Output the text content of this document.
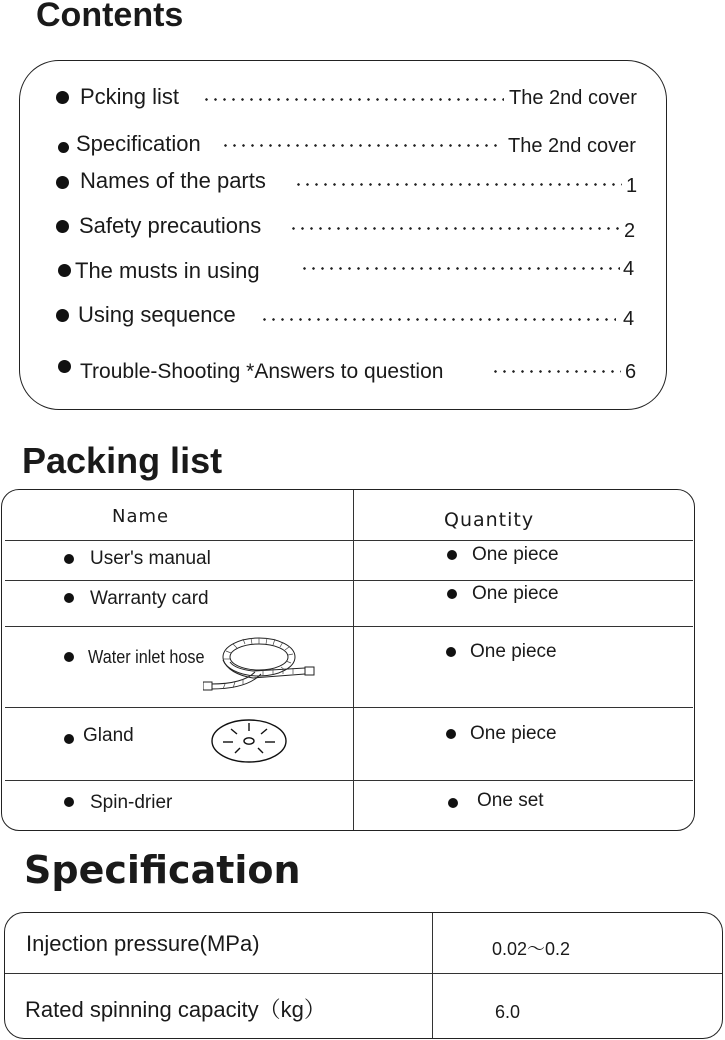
Contents
Pcking list	The 2nd cover
Specification	The 2nd cover
Names of the parts	1
Safety precautions	2
The musts in using	4
Using sequence	4
Trouble-Shooting *Answers to question	6
Packing list
Name	Quantity
User's manual	One piece
Warranty card	One piece
Water inlet hose	One piece
Gland	One piece
Spin-drier	One set
Specification
Injection pressure(MPa)	0.02～0.2
Rated spinning capacity（kg）	6.0
